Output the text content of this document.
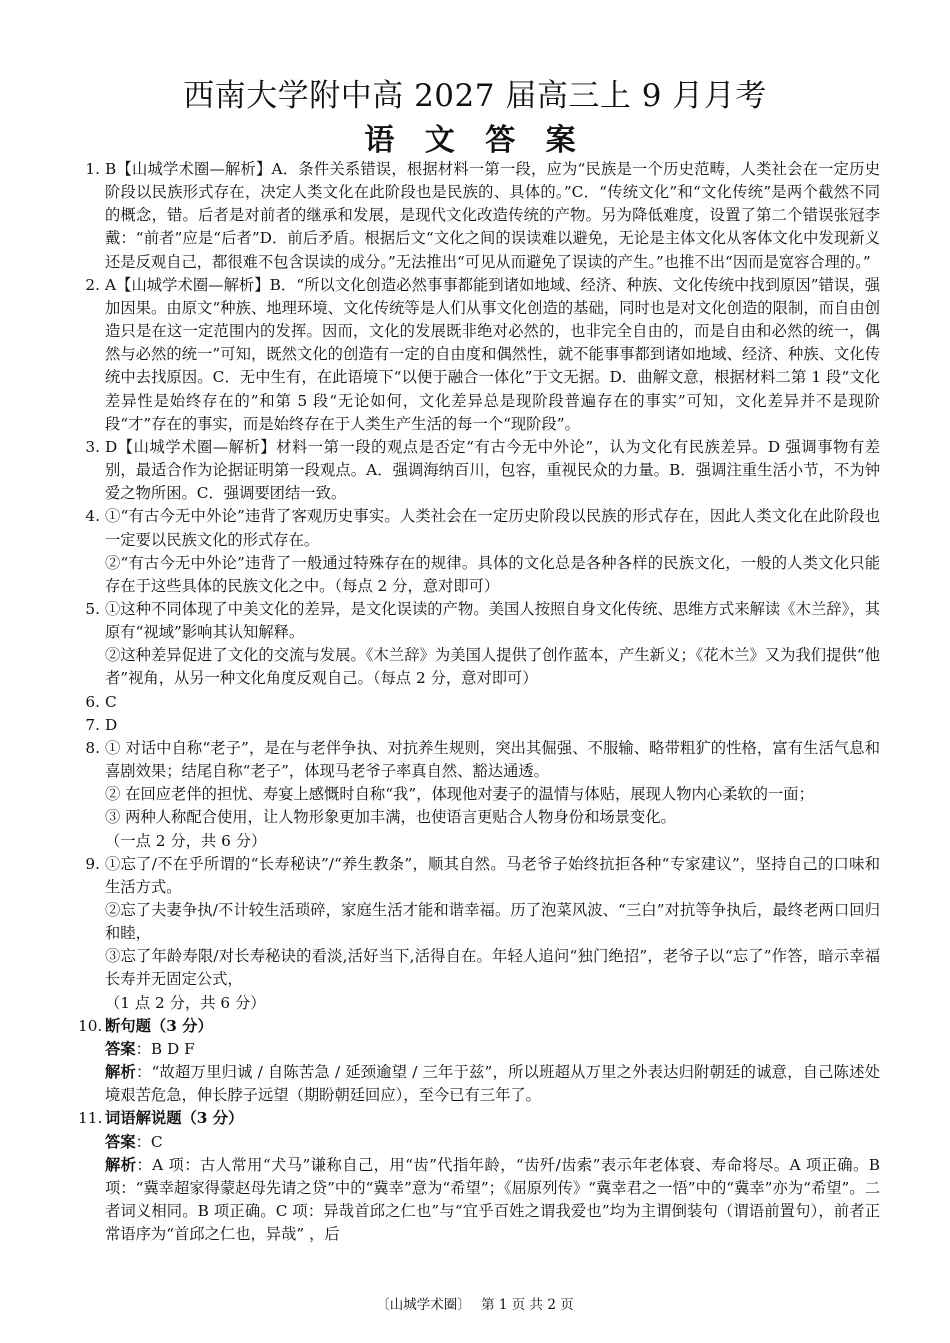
西南大学附中高 2027 届高三上 9 月月考
语 文 答 案
1. B【山城学术圈—解析】A．条件关系错误，根据材料一第一段，应为“民族是一个历史范畴，人类社会在一定历史阶段以民族形式存在，决定人类文化在此阶段也是民族的、具体的。”C．“传统文化”和“文化传统”是两个截然不同的概念，错。后者是对前者的继承和发展，是现代文化改造传统的产物。另为降低难度，设置了第二个错误张冠李戴：“前者”应是“后者”D．前后矛盾。根据后文“文化之间的误读难以避免，无论是主体文化从客体文化中发现新义还是反观自己，都很难不包含误读的成分。”无法推出“可见从而避免了误读的产生。”也推不出“因而是宽容合理的。”

2. A【山城学术圈—解析】B．“所以文化创造必然事事都能到诸如地域、经济、种族、文化传统中找到原因”错误，强加因果。由原文“种族、地理环境、文化传统等是人们从事文化创造的基础，同时也是对文化创造的限制，而自由创造只是在这一定范围内的发挥。因而，文化的发展既非绝对必然的，也非完全自由的，而是自由和必然的统一，偶然与必然的统一”可知，既然文化的创造有一定的自由度和偶然性，就不能事事都到诸如地域、经济、种族、文化传统中去找原因。C．无中生有，在此语境下“以便于融合一体化”于文无据。D．曲解文意，根据材料二第 1 段“文化差异性是始终存在的”和第 5 段“无论如何，文化差异总是现阶段普遍存在的事实”可知，文化差异并不是现阶段“才”存在的事实，而是始终存在于人类生产生活的每一个“现阶段”。

3. D【山城学术圈—解析】材料一第一段的观点是否定“有古今无中外论”，认为文化有民族差异。D 强调事物有差别，最适合作为论据证明第一段观点。A．强调海纳百川，包容，重视民众的力量。B．强调注重生活小节，不为钟爱之物所困。C．强调要团结一致。

4. ①“有古今无中外论”违背了客观历史事实。人类社会在一定历史阶段以民族的形式存在，因此人类文化在此阶段也一定要以民族文化的形式存在。

②“有古今无中外论”违背了一般通过特殊存在的规律。具体的文化总是各种各样的民族文化，一般的人类文化只能存在于这些具体的民族文化之中。（每点 2 分，意对即可）

5. ①这种不同体现了中美文化的差异，是文化误读的产物。美国人按照自身文化传统、思维方式来解读《木兰辞》，其原有“视域”影响其认知解释。

②这种差异促进了文化的交流与发展。《木兰辞》为美国人提供了创作蓝本，产生新义；《花木兰》又为我们提供“他者”视角，从另一种文化角度反观自己。（每点 2 分，意对即可）

6. C

7. D

8. ① 对话中自称“老子”，是在与老伴争执、对抗养生规则，突出其倔强、不服输、略带粗犷的性格，富有生活气息和喜剧效果；结尾自称“老子”，体现马老爷子率真自然、豁达通透。

② 在回应老伴的担忧、寿宴上感慨时自称“我”，体现他对妻子的温情与体贴，展现人物内心柔软的一面；

③ 两种人称配合使用，让人物形象更加丰满，也使语言更贴合人物身份和场景变化。

（一点 2 分，共 6 分）

9. ①忘了/不在乎所谓的“长寿秘诀”/“养生教条”，顺其自然。马老爷子始终抗拒各种“专家建议”，坚持自己的口味和生活方式。

②忘了夫妻争执/不计较生活琐碎，家庭生活才能和谐幸福。历了泡菜风波、“三白”对抗等争执后，最终老两口回归和睦，

③忘了年龄寿限/对长寿秘诀的看淡,活好当下,活得自在。年轻人追问“独门绝招”，老爷子以“忘了”作答，暗示幸福长寿并无固定公式，

（1 点 2 分，共 6 分）

10. 断句题（3 分）

答案：B D F

解析：“故超万里归诚 / 自陈苦急 / 延颈逾望 / 三年于兹”，所以班超从万里之外表达归附朝廷的诚意，自己陈述处境艰苦危急，伸长脖子远望（期盼朝廷回应），至今已有三年了。

11. 词语解说题（3 分）

答案：C

解析：A 项：古人常用“犬马”谦称自己，用“齿”代指年龄，“齿歼/齿索”表示年老体衰、寿命将尽。A 项正确。B 项：“冀幸超家得蒙赵母先请之贷”中的“冀幸”意为“希望”；《屈原列传》“冀幸君之一悟”中的“冀幸”亦为“希望”。二者词义相同。B 项正确。C 项：异哉首邱之仁也”与“宜乎百姓之谓我爱也”均为主谓倒装句（谓语前置句），前者正常语序为“首邱之仁也，异哉” ，后

〔山城学术圈〕 第 1 页 共 2 页
